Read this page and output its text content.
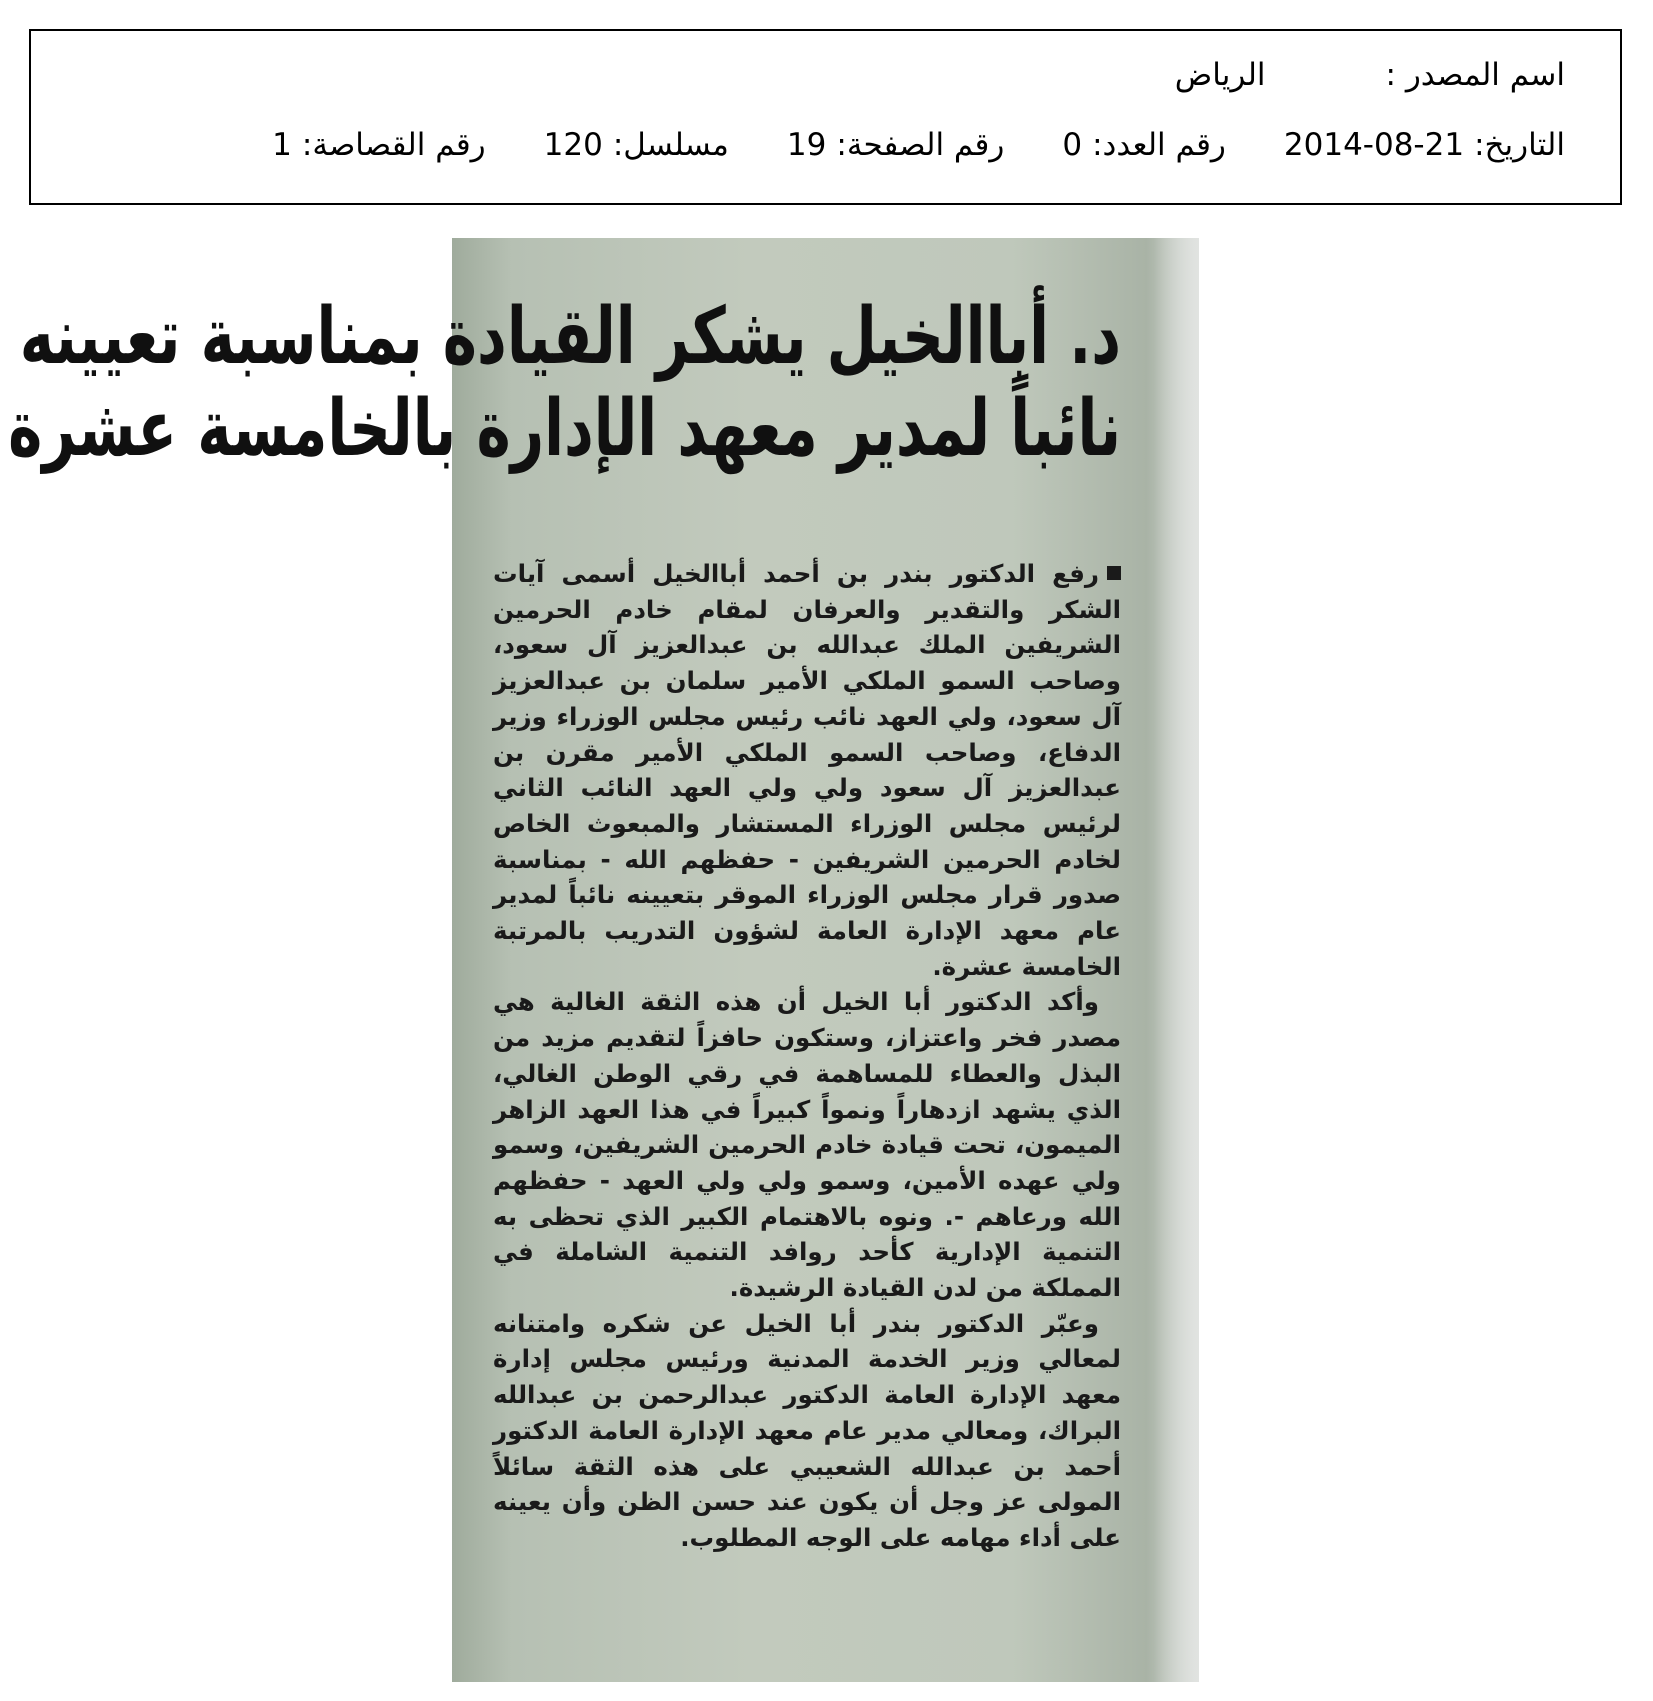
اسم المصدر :
الرياض
التاريخ:
2014-08-21
رقم العدد:
0
رقم الصفحة:
19
مسلسل:
120
رقم القصاصة:
1
د. أباالخيل يشكر القيادة بمناسبة تعيينه
نائباً لمدير معهد الإدارة بالخامسة عشرة

رفع الدكتور بندر بن أحمد أباالخيل أسمى آيات الشكر والتقدير والعرفان لمقام خادم الحرمين الشريفين الملك عبدالله بن عبدالعزيز آل سعود، وصاحب السمو الملكي الأمير سلمان بن عبدالعزيز آل سعود، ولي العهد نائب رئيس مجلس الوزراء وزير الدفاع، وصاحب السمو الملكي الأمير مقرن بن عبدالعزيز آل سعود ولي ولي العهد النائب الثاني لرئيس مجلس الوزراء المستشار والمبعوث الخاص لخادم الحرمين الشريفين - حفظهم الله - بمناسبة صدور قرار مجلس الوزراء الموقر بتعيينه نائباً لمدير عام معهد الإدارة العامة لشؤون التدريب بالمرتبة الخامسة عشرة.

وأكد الدكتور أبا الخيل أن هذه الثقة الغالية هي مصدر فخر واعتزاز، وستكون حافزاً لتقديم مزيد من البذل والعطاء للمساهمة في رقي الوطن الغالي، الذي يشهد ازدهاراً ونمواً كبيراً في هذا العهد الزاهر الميمون، تحت قيادة خادم الحرمين الشريفين، وسمو ولي عهده الأمين، وسمو ولي ولي العهد - حفظهم الله ورعاهم -. ونوه بالاهتمام الكبير الذي تحظى به التنمية الإدارية كأحد روافد التنمية الشاملة في المملكة من لدن القيادة الرشيدة.

وعبّر الدكتور بندر أبا الخيل عن شكره وامتنانه لمعالي وزير الخدمة المدنية ورئيس مجلس إدارة معهد الإدارة العامة الدكتور عبدالرحمن بن عبدالله البراك، ومعالي مدير عام معهد الإدارة العامة الدكتور أحمد بن عبدالله الشعيبي على هذه الثقة سائلاً المولى عز وجل أن يكون عند حسن الظن وأن يعينه على أداء مهامه على الوجه المطلوب.
